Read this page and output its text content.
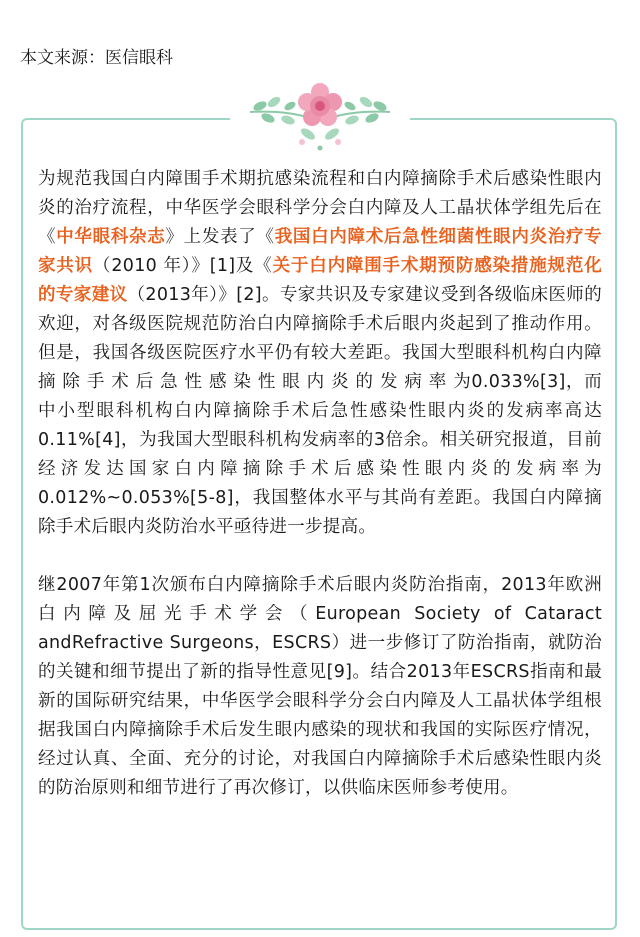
本文来源：医信眼科

为规范我国白内障围手术期抗感染流程和白内障摘除手术后感染性眼内炎的治疗流程，中华医学会眼科学分会白内障及人工晶状体学组先后在《中华眼科杂志》上发表了《我国白内障术后急性细菌性眼内炎治疗专家共识（2010 年）》[1]及《关于白内障围手术期预防感染措施规范化的专家建议（2013年）》[2]。专家共识及专家建议受到各级临床医师的欢迎，对各级医院规范防治白内障摘除手术后眼内炎起到了推动作用。但是，我国各级医院医疗水平仍有较大差距。我国大型眼科机构白内障摘 除 手 术 后 急 性 感 染 性 眼 内 炎 的 发 病 率 为0.033%[3]，而中小型眼科机构白内障摘除手术后急性感染性眼内炎的发病率高达 0.11%[4]，为我国大型眼科机构发病率的3倍余。相关研究报道，目前经济发达国家白内障摘除手术后感染性眼内炎的发病率为0.012%~0.053%[5-8]，我国整体水平与其尚有差距。我国白内障摘除手术后眼内炎防治水平亟待进一步提高。

继2007年第1次颁布白内障摘除手术后眼内炎防治指南，2013年欧洲白内障及屈光手术学会（European Society of Cataract andRefractive Surgeons，ESCRS）进一步修订了防治指南，就防治的关键和细节提出了新的指导性意见[9]。结合2013年ESCRS指南和最新的国际研究结果，中华医学会眼科学分会白内障及人工晶状体学组根据我国白内障摘除手术后发生眼内感染的现状和我国的实际医疗情况，经过认真、全面、充分的讨论，对我国白内障摘除手术后感染性眼内炎的防治原则和细节进行了再次修订，以供临床医师参考使用。
